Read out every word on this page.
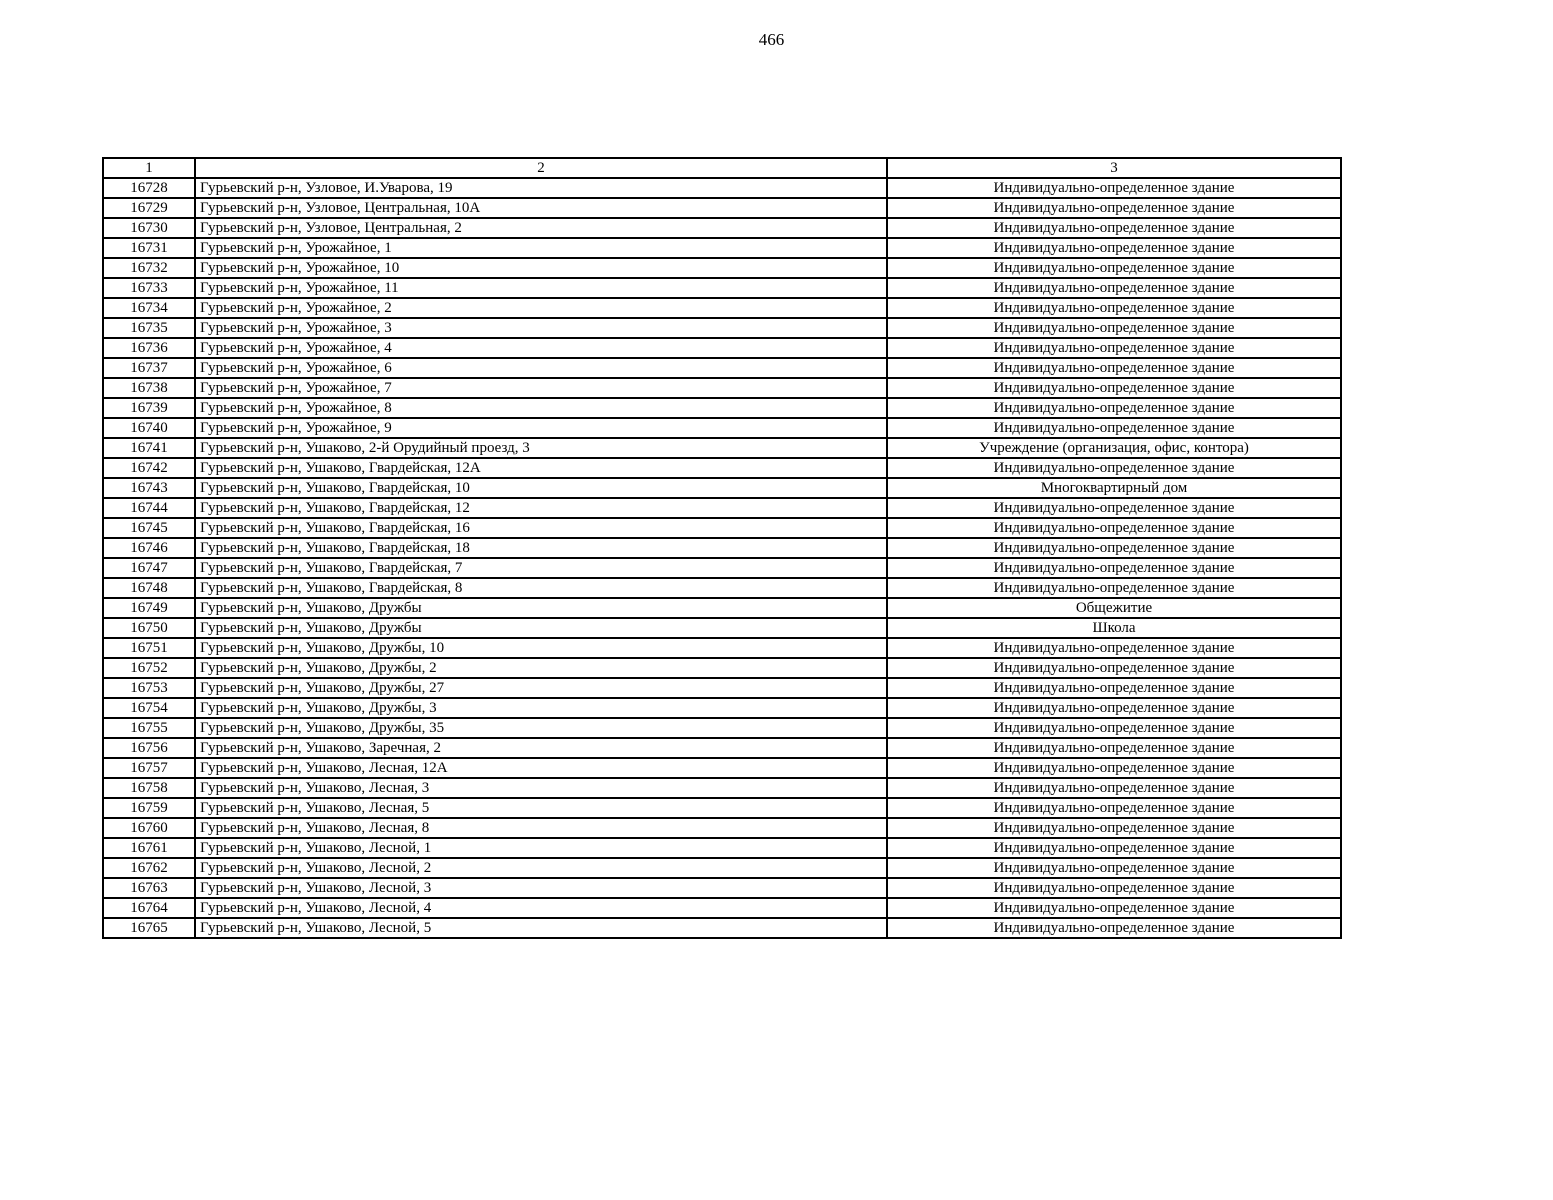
466
1	2	3
16728	Гурьевский р-н, Узловое, И.Уварова, 19	Индивидуально-определенное здание
16729	Гурьевский р-н, Узловое, Центральная, 10А	Индивидуально-определенное здание
16730	Гурьевский р-н, Узловое, Центральная, 2	Индивидуально-определенное здание
16731	Гурьевский р-н, Урожайное, 1	Индивидуально-определенное здание
16732	Гурьевский р-н, Урожайное, 10	Индивидуально-определенное здание
16733	Гурьевский р-н, Урожайное, 11	Индивидуально-определенное здание
16734	Гурьевский р-н, Урожайное, 2	Индивидуально-определенное здание
16735	Гурьевский р-н, Урожайное, 3	Индивидуально-определенное здание
16736	Гурьевский р-н, Урожайное, 4	Индивидуально-определенное здание
16737	Гурьевский р-н, Урожайное, 6	Индивидуально-определенное здание
16738	Гурьевский р-н, Урожайное, 7	Индивидуально-определенное здание
16739	Гурьевский р-н, Урожайное, 8	Индивидуально-определенное здание
16740	Гурьевский р-н, Урожайное, 9	Индивидуально-определенное здание
16741	Гурьевский р-н, Ушаково, 2-й Орудийный проезд, 3	Учреждение (организация, офис, контора)
16742	Гурьевский р-н, Ушаково, Гвардейская, 12А	Индивидуально-определенное здание
16743	Гурьевский р-н, Ушаково, Гвардейская, 10	Многоквартирный дом
16744	Гурьевский р-н, Ушаково, Гвардейская, 12	Индивидуально-определенное здание
16745	Гурьевский р-н, Ушаково, Гвардейская, 16	Индивидуально-определенное здание
16746	Гурьевский р-н, Ушаково, Гвардейская, 18	Индивидуально-определенное здание
16747	Гурьевский р-н, Ушаково, Гвардейская, 7	Индивидуально-определенное здание
16748	Гурьевский р-н, Ушаково, Гвардейская, 8	Индивидуально-определенное здание
16749	Гурьевский р-н, Ушаково, Дружбы	Общежитие
16750	Гурьевский р-н, Ушаково, Дружбы	Школа
16751	Гурьевский р-н, Ушаково, Дружбы, 10	Индивидуально-определенное здание
16752	Гурьевский р-н, Ушаково, Дружбы, 2	Индивидуально-определенное здание
16753	Гурьевский р-н, Ушаково, Дружбы, 27	Индивидуально-определенное здание
16754	Гурьевский р-н, Ушаково, Дружбы, 3	Индивидуально-определенное здание
16755	Гурьевский р-н, Ушаково, Дружбы, 35	Индивидуально-определенное здание
16756	Гурьевский р-н, Ушаково, Заречная, 2	Индивидуально-определенное здание
16757	Гурьевский р-н, Ушаково, Лесная, 12А	Индивидуально-определенное здание
16758	Гурьевский р-н, Ушаково, Лесная, 3	Индивидуально-определенное здание
16759	Гурьевский р-н, Ушаково, Лесная, 5	Индивидуально-определенное здание
16760	Гурьевский р-н, Ушаково, Лесная, 8	Индивидуально-определенное здание
16761	Гурьевский р-н, Ушаково, Лесной, 1	Индивидуально-определенное здание
16762	Гурьевский р-н, Ушаково, Лесной, 2	Индивидуально-определенное здание
16763	Гурьевский р-н, Ушаково, Лесной, 3	Индивидуально-определенное здание
16764	Гурьевский р-н, Ушаково, Лесной, 4	Индивидуально-определенное здание
16765	Гурьевский р-н, Ушаково, Лесной, 5	Индивидуально-определенное здание
